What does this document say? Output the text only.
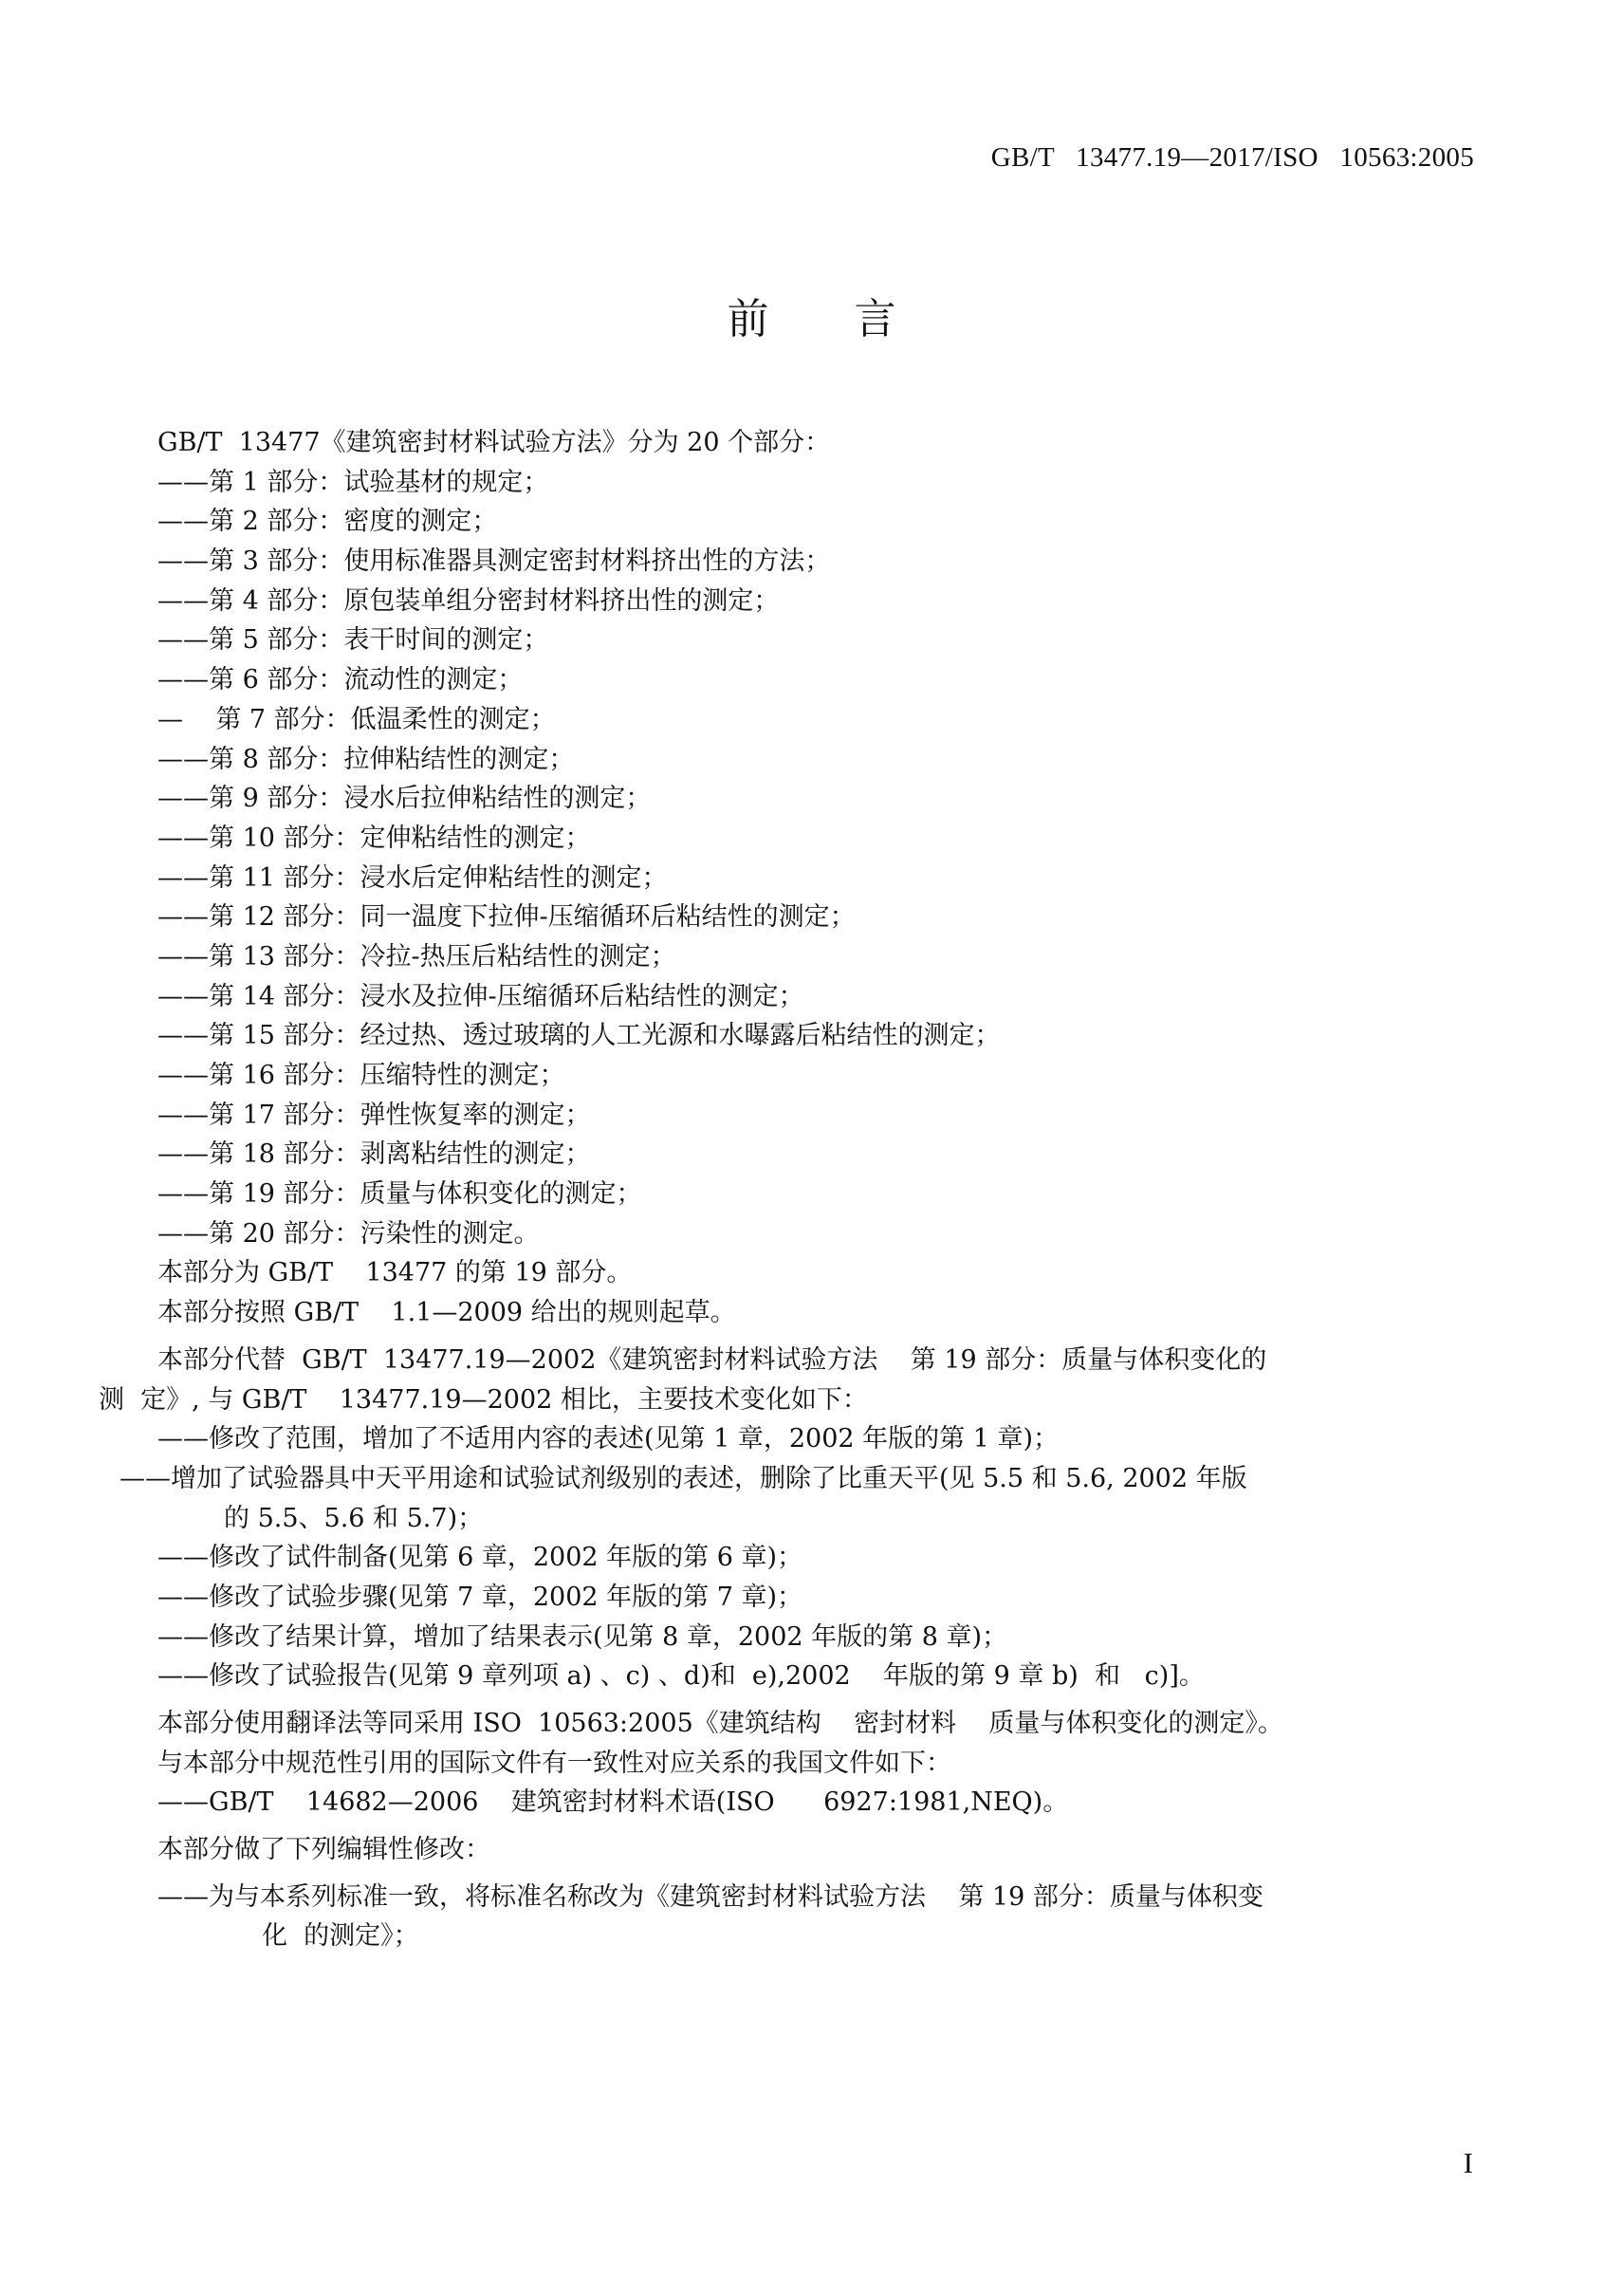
GB/T   13477.19—2017/ISO   10563:2005
前言
GB/T  13477《建筑密封材料试验方法》分为 20 个部分：
——第 1 部分：试验基材的规定；
——第 2 部分：密度的测定；
——第 3 部分：使用标准器具测定密封材料挤出性的方法；
——第 4 部分：原包装单组分密封材料挤出性的测定；
——第 5 部分：表干时间的测定；
——第 6 部分：流动性的测定；
—    第 7 部分：低温柔性的测定；
——第 8 部分：拉伸粘结性的测定；
——第 9 部分：浸水后拉伸粘结性的测定；
——第 10 部分：定伸粘结性的测定；
——第 11 部分：浸水后定伸粘结性的测定；
——第 12 部分：同一温度下拉伸-压缩循环后粘结性的测定；
——第 13 部分：冷拉-热压后粘结性的测定；
——第 14 部分：浸水及拉伸-压缩循环后粘结性的测定；
——第 15 部分：经过热、透过玻璃的人工光源和水曝露后粘结性的测定；
——第 16 部分：压缩特性的测定；
——第 17 部分：弹性恢复率的测定；
——第 18 部分：剥离粘结性的测定；
——第 19 部分：质量与体积变化的测定；
——第 20 部分：污染性的测定。
本部分为 GB/T    13477 的第 19 部分。
本部分按照 GB/T    1.1—2009 给出的规则起草。
本部分代替  GB/T  13477.19—2002《建筑密封材料试验方法    第 19 部分：质量与体积变化的
测  定》, 与 GB/T    13477.19—2002 相比，主要技术变化如下：
——修改了范围，增加了不适用内容的表述(见第 1 章，2002 年版的第 1 章)；
——增加了试验器具中天平用途和试验试剂级别的表述，删除了比重天平(见 5.5 和 5.6, 2002 年版
的 5.5、5.6 和 5.7)；
——修改了试件制备(见第 6 章，2002 年版的第 6 章)；
——修改了试验步骤(见第 7 章，2002 年版的第 7 章)；
——修改了结果计算，增加了结果表示(见第 8 章，2002 年版的第 8 章)；
——修改了试验报告(见第 9 章列项 a) 、c) 、d)和  e),2002    年版的第 9 章 b)  和   c)]。
本部分使用翻译法等同采用 ISO  10563:2005《建筑结构    密封材料    质量与体积变化的测定》。
与本部分中规范性引用的国际文件有一致性对应关系的我国文件如下：
——GB/T    14682—2006    建筑密封材料术语(ISO      6927:1981,NEQ)。
本部分做了下列编辑性修改：
——为与本系列标准一致，将标准名称改为《建筑密封材料试验方法    第 19 部分：质量与体积变
化  的测定》；
I
